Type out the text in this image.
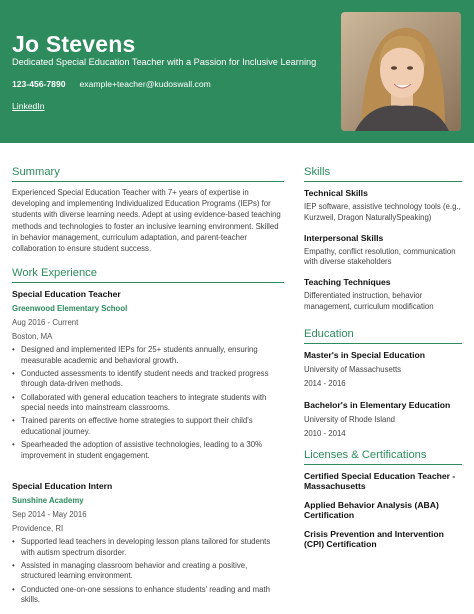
Jo Stevens
Dedicated Special Education Teacher with a Passion for Inclusive Learning
123-456-7890 example+teacher@kudoswall.com
LinkedIn
Summary
Experienced Special Education Teacher with 7+ years of expertise in developing and implementing Individualized Education Programs (IEPs) for students with diverse learning needs. Adept at using evidence-based teaching methods and technologies to foster an inclusive learning environment. Skilled in behavior management, curriculum adaptation, and parent-teacher collaboration to ensure student success.
Work Experience
Special Education Teacher
Greenwood Elementary School
Aug 2016 - Current
Boston, MA
• Designed and implemented IEPs for 25+ students annually, ensuring measurable academic and behavioral growth.
• Conducted assessments to identify student needs and tracked progress through data-driven methods.
• Collaborated with general education teachers to integrate students with special needs into mainstream classrooms.
• Trained parents on effective home strategies to support their child's educational journey.
• Spearheaded the adoption of assistive technologies, leading to a 30% improvement in student engagement.
Special Education Intern
Sunshine Academy
Sep 2014 - May 2016
Providence, RI
• Supported lead teachers in developing lesson plans tailored for students with autism spectrum disorder.
• Assisted in managing classroom behavior and creating a positive, structured learning environment.
• Conducted one-on-one sessions to enhance students' reading and math skills.
Skills
Technical Skills
IEP software, assistive technology tools (e.g., Kurzweil, Dragon NaturallySpeaking)
Interpersonal Skills
Empathy, conflict resolution, communication with diverse stakeholders
Teaching Techniques
Differentiated instruction, behavior management, curriculum modification
Education
Master's in Special Education
University of Massachusetts
2014 - 2016
Bachelor's in Elementary Education
University of Rhode Island
2010 - 2014
Licenses & Certifications
Certified Special Education Teacher - Massachusetts
Applied Behavior Analysis (ABA) Certification
Crisis Prevention and Intervention (CPI) Certification
